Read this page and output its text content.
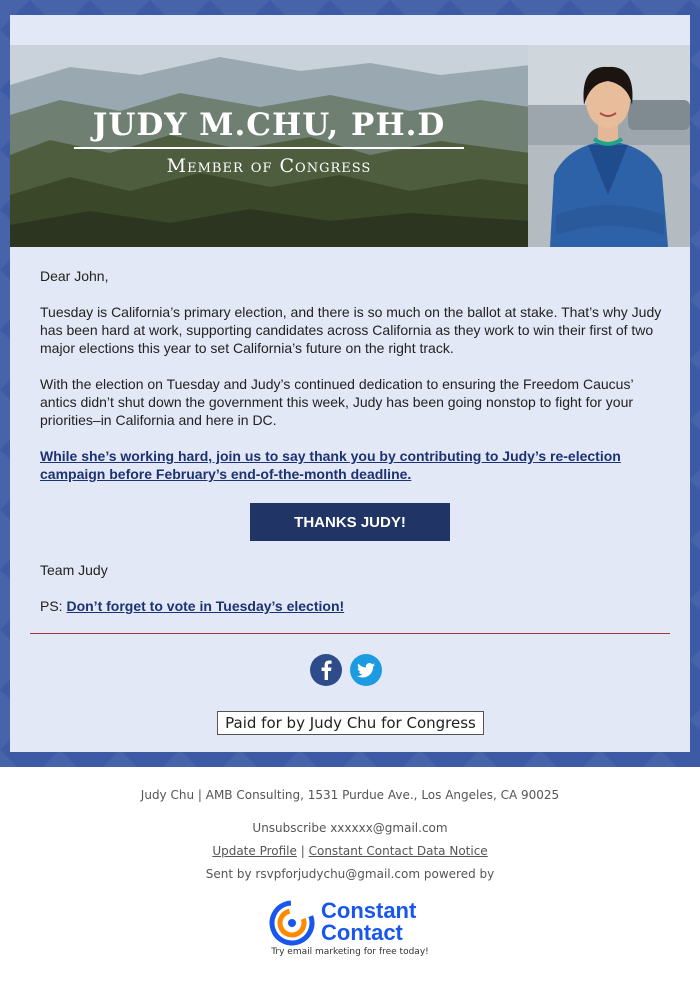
JUDY M.CHU, PH.D
Member of Congress
Dear John,

Tuesday is California’s primary election, and there is so much on the ballot at stake. That’s why Judy has been hard at work, supporting candidates across California as they work to win their first of two major elections this year to set California’s future on the right track.

With the election on Tuesday and Judy’s continued dedication to ensuring the Freedom Caucus’ antics didn’t shut down the government this week, Judy has been going nonstop to fight for your priorities–in California and here in DC.

While she’s working hard, join us to say thank you by contributing to Judy’s re-election campaign before February’s end-of-the-month deadline.
THANKS JUDY!
Team Judy
PS: Don’t forget to vote in Tuesday’s election!
Paid for by Judy Chu for Congress
Judy Chu | AMB Consulting, 1531 Purdue Ave., Los Angeles, CA 90025
Unsubscribe xxxxxx@gmail.com
Update Profile | Constant Contact Data Notice
Sent by rsvpforjudychu@gmail.com powered by
Constant
Contact
Try email marketing for free today!
